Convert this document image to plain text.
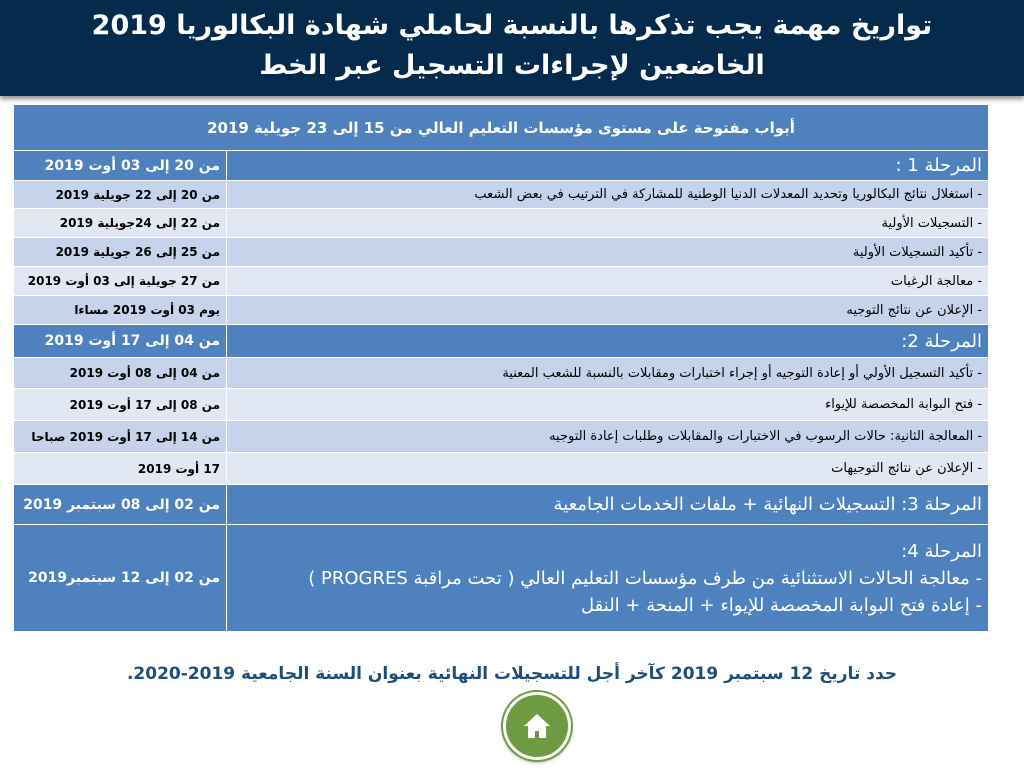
تواريخ مهمة يجب تذكرها بالنسبة لحاملي شهادة البكالوريا 2019
الخاضعين لإجراءات التسجيل عبر الخط
أبواب مفتوحة على مستوى مؤسسات التعليم العالي من 15 إلى 23 جويلية 2019	
المرحلة 1 :	من 20 إلى 03 أوت 2019
- استغلال نتائج البكالوريا وتحديد المعدلات الدنيا الوطنية للمشاركة في الترتيب في بعض الشعب	من 20 إلى 22 جويلية 2019
- التسجيلات الأولية	من 22 إلى 24جويلية 2019
- تأكيد التسجيلات الأولية	من 25 إلى 26 جويلية 2019
- معالجة الرغبات	من 27 جويلية إلى 03 أوت 2019
- الإعلان عن نتائج التوجيه	يوم 03 أوت 2019 مساءا
المرحلة 2:	من 04 إلى 17 أوت 2019
- تأكيد التسجيل الأولي أو إعادة التوجيه أو إجراء اختبارات ومقابلات بالنسبة للشعب المعنية	من 04 إلى 08 أوت 2019
- فتح البوابة المخصصة للإيواء	من 08 إلى 17 أوت 2019
- المعالجة الثانية: حالات الرسوب في الاختبارات والمقابلات وطلبات إعادة التوجيه	من 14 إلى 17 أوت 2019 صباحا
- الإعلان عن نتائج التوجيهات	17 أوت 2019
المرحلة 3: التسجيلات النهائية + ملفات الخدمات الجامعية	من 02 إلى 08 سبتمبر 2019

المرحلة 4:
- معالجة الحالات الاستثنائية من طرف مؤسسات التعليم العالي ( تحت مراقبة PROGRES )
- إعادة فتح البوابة المخصصة للإيواء + المنحة + النقل	من 02 إلى 12 سبتمبر2019
حدد تاريخ 12 سبتمبر 2019 كآخر أجل للتسجيلات النهائية بعنوان السنة الجامعية 2019-2020.
